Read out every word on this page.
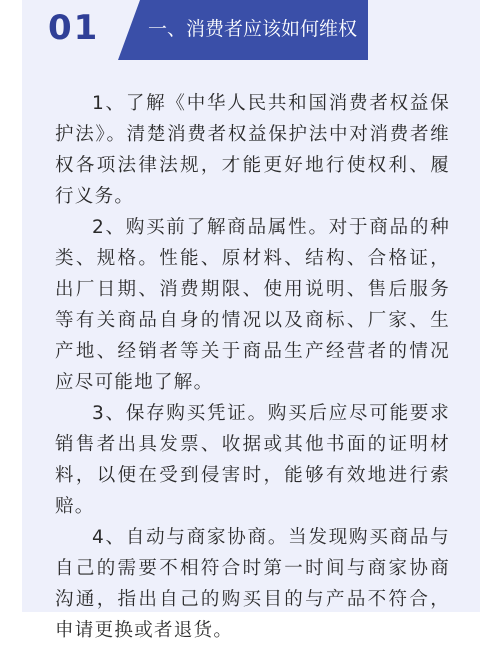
01	一、消费者应该如何维权

1、了解《中华人民共和国消费者权益保护法》。清楚消费者权益保护法中对消费者维权各项法律法规，才能更好地行使权利、履行义务。

2、购买前了解商品属性。对于商品的种类、规格。性能、原材料、结构、合格证，出厂日期、消费期限、使用说明、售后服务等有关商品自身的情况以及商标、厂家、生产地、经销者等关于商品生产经营者的情况应尽可能地了解。

3、保存购买凭证。购买后应尽可能要求销售者出具发票、收据或其他书面的证明材料，以便在受到侵害时，能够有效地进行索赔。

4、自动与商家协商。当发现购买商品与自己的需要不相符合时第一时间与商家协商沟通，指出自己的购买目的与产品不符合，申请更换或者退货。
